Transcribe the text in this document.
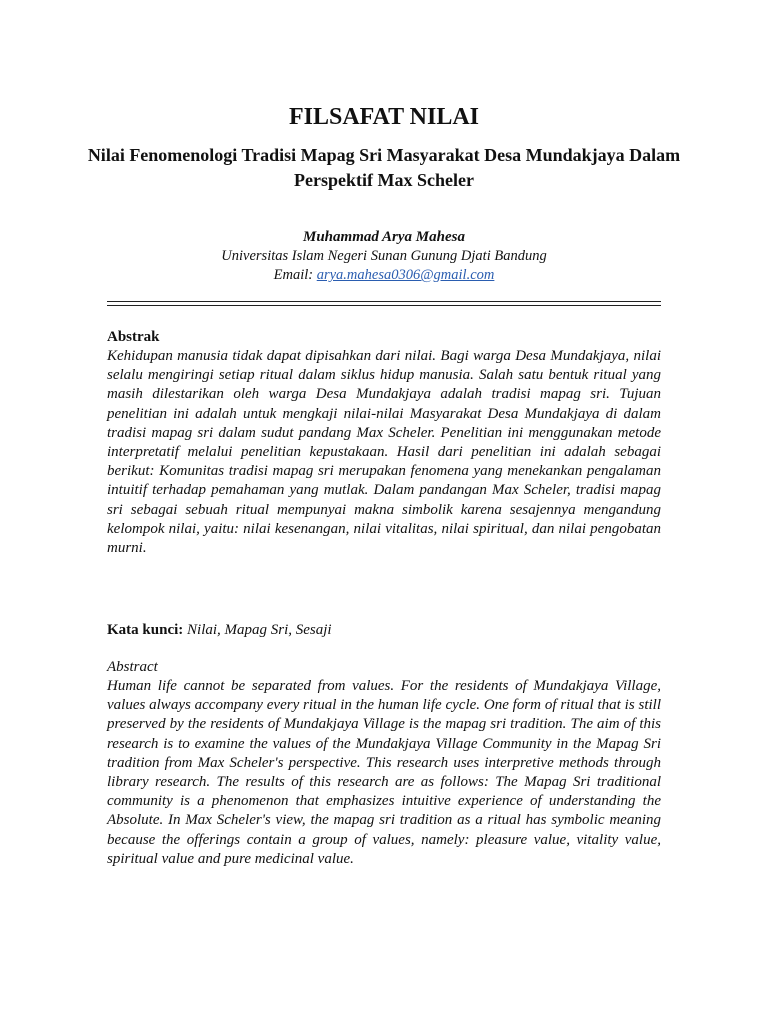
FILSAFAT NILAI
Nilai Fenomenologi Tradisi Mapag Sri Masyarakat Desa Mundakjaya Dalam Perspektif Max Scheler
Muhammad Arya Mahesa
Universitas Islam Negeri Sunan Gunung Djati Bandung
Email: arya.mahesa0306@gmail.com
Abstrak
Kehidupan manusia tidak dapat dipisahkan dari nilai. Bagi warga Desa Mundakjaya, nilai selalu mengiringi setiap ritual dalam siklus hidup manusia. Salah satu bentuk ritual yang masih dilestarikan oleh warga Desa Mundakjaya adalah tradisi mapag sri. Tujuan penelitian ini adalah untuk mengkaji nilai-nilai Masyarakat Desa Mundakjaya di dalam tradisi mapag sri dalam sudut pandang Max Scheler. Penelitian ini menggunakan metode interpretatif melalui penelitian kepustakaan. Hasil dari penelitian ini adalah sebagai berikut: Komunitas tradisi mapag sri merupakan fenomena yang menekankan pengalaman intuitif terhadap pemahaman yang mutlak. Dalam pandangan Max Scheler, tradisi mapag sri sebagai sebuah ritual mempunyai makna simbolik karena sesajennya mengandung kelompok nilai, yaitu: nilai kesenangan, nilai vitalitas, nilai spiritual, dan nilai pengobatan murni.
Kata kunci: Nilai, Mapag Sri, Sesaji
Abstract
Human life cannot be separated from values. For the residents of Mundakjaya Village, values always accompany every ritual in the human life cycle. One form of ritual that is still preserved by the residents of Mundakjaya Village is the mapag sri tradition. The aim of this research is to examine the values of the Mundakjaya Village Community in the Mapag Sri tradition from Max Scheler's perspective. This research uses interpretive methods through library research. The results of this research are as follows: The Mapag Sri traditional community is a phenomenon that emphasizes intuitive experience of understanding the Absolute. In Max Scheler's view, the mapag sri tradition as a ritual has symbolic meaning because the offerings contain a group of values, namely: pleasure value, vitality value, spiritual value and pure medicinal value.
